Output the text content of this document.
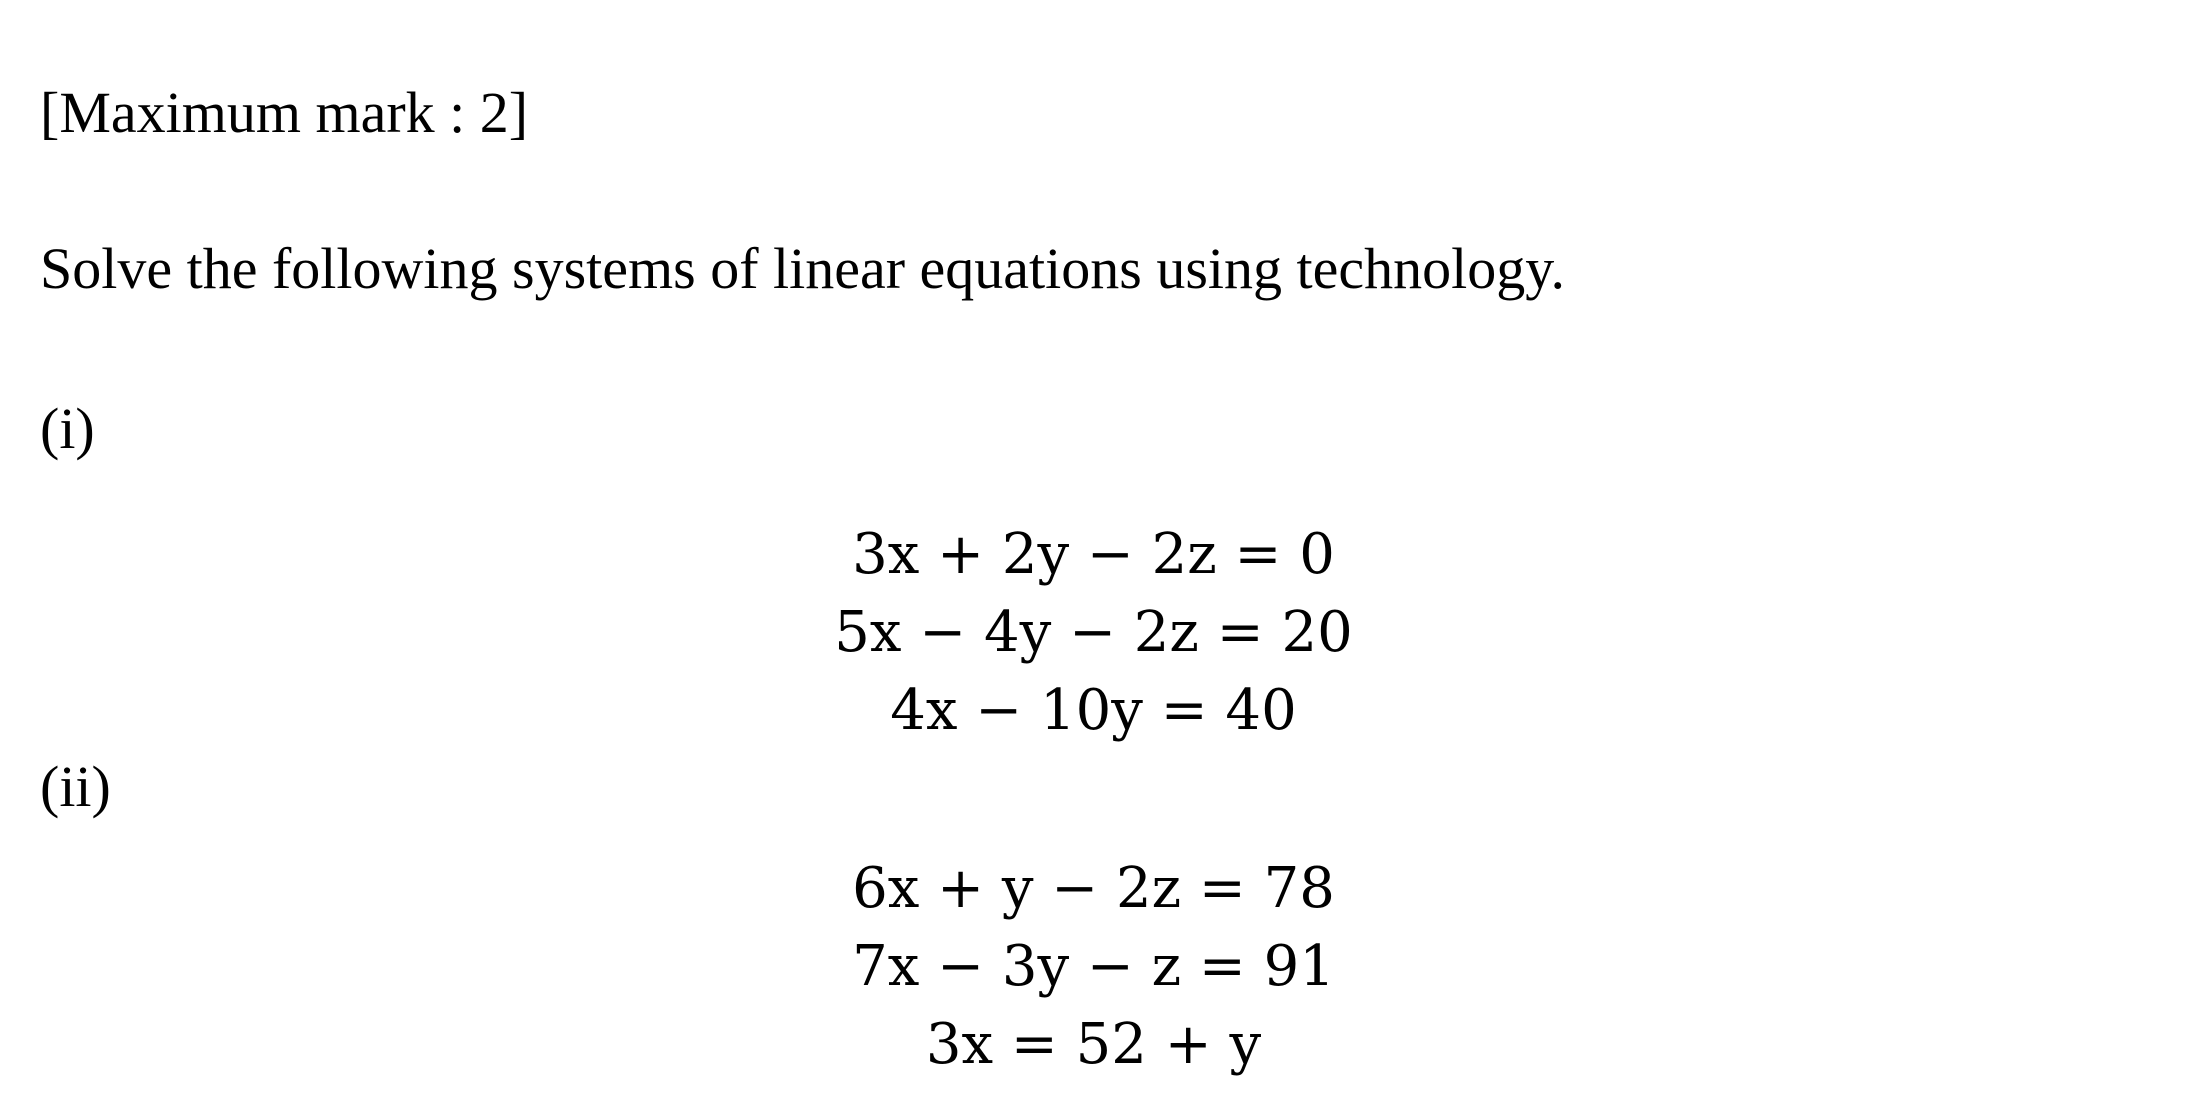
[Maximum mark : 2]
Solve the following systems of linear equations using technology.
(i)
3x + 2y − 2z = 0
5x − 4y − 2z = 20
4x − 10y = 40
(ii)
6x + y − 2z = 78
7x − 3y − z = 91
3x = 52 + y
